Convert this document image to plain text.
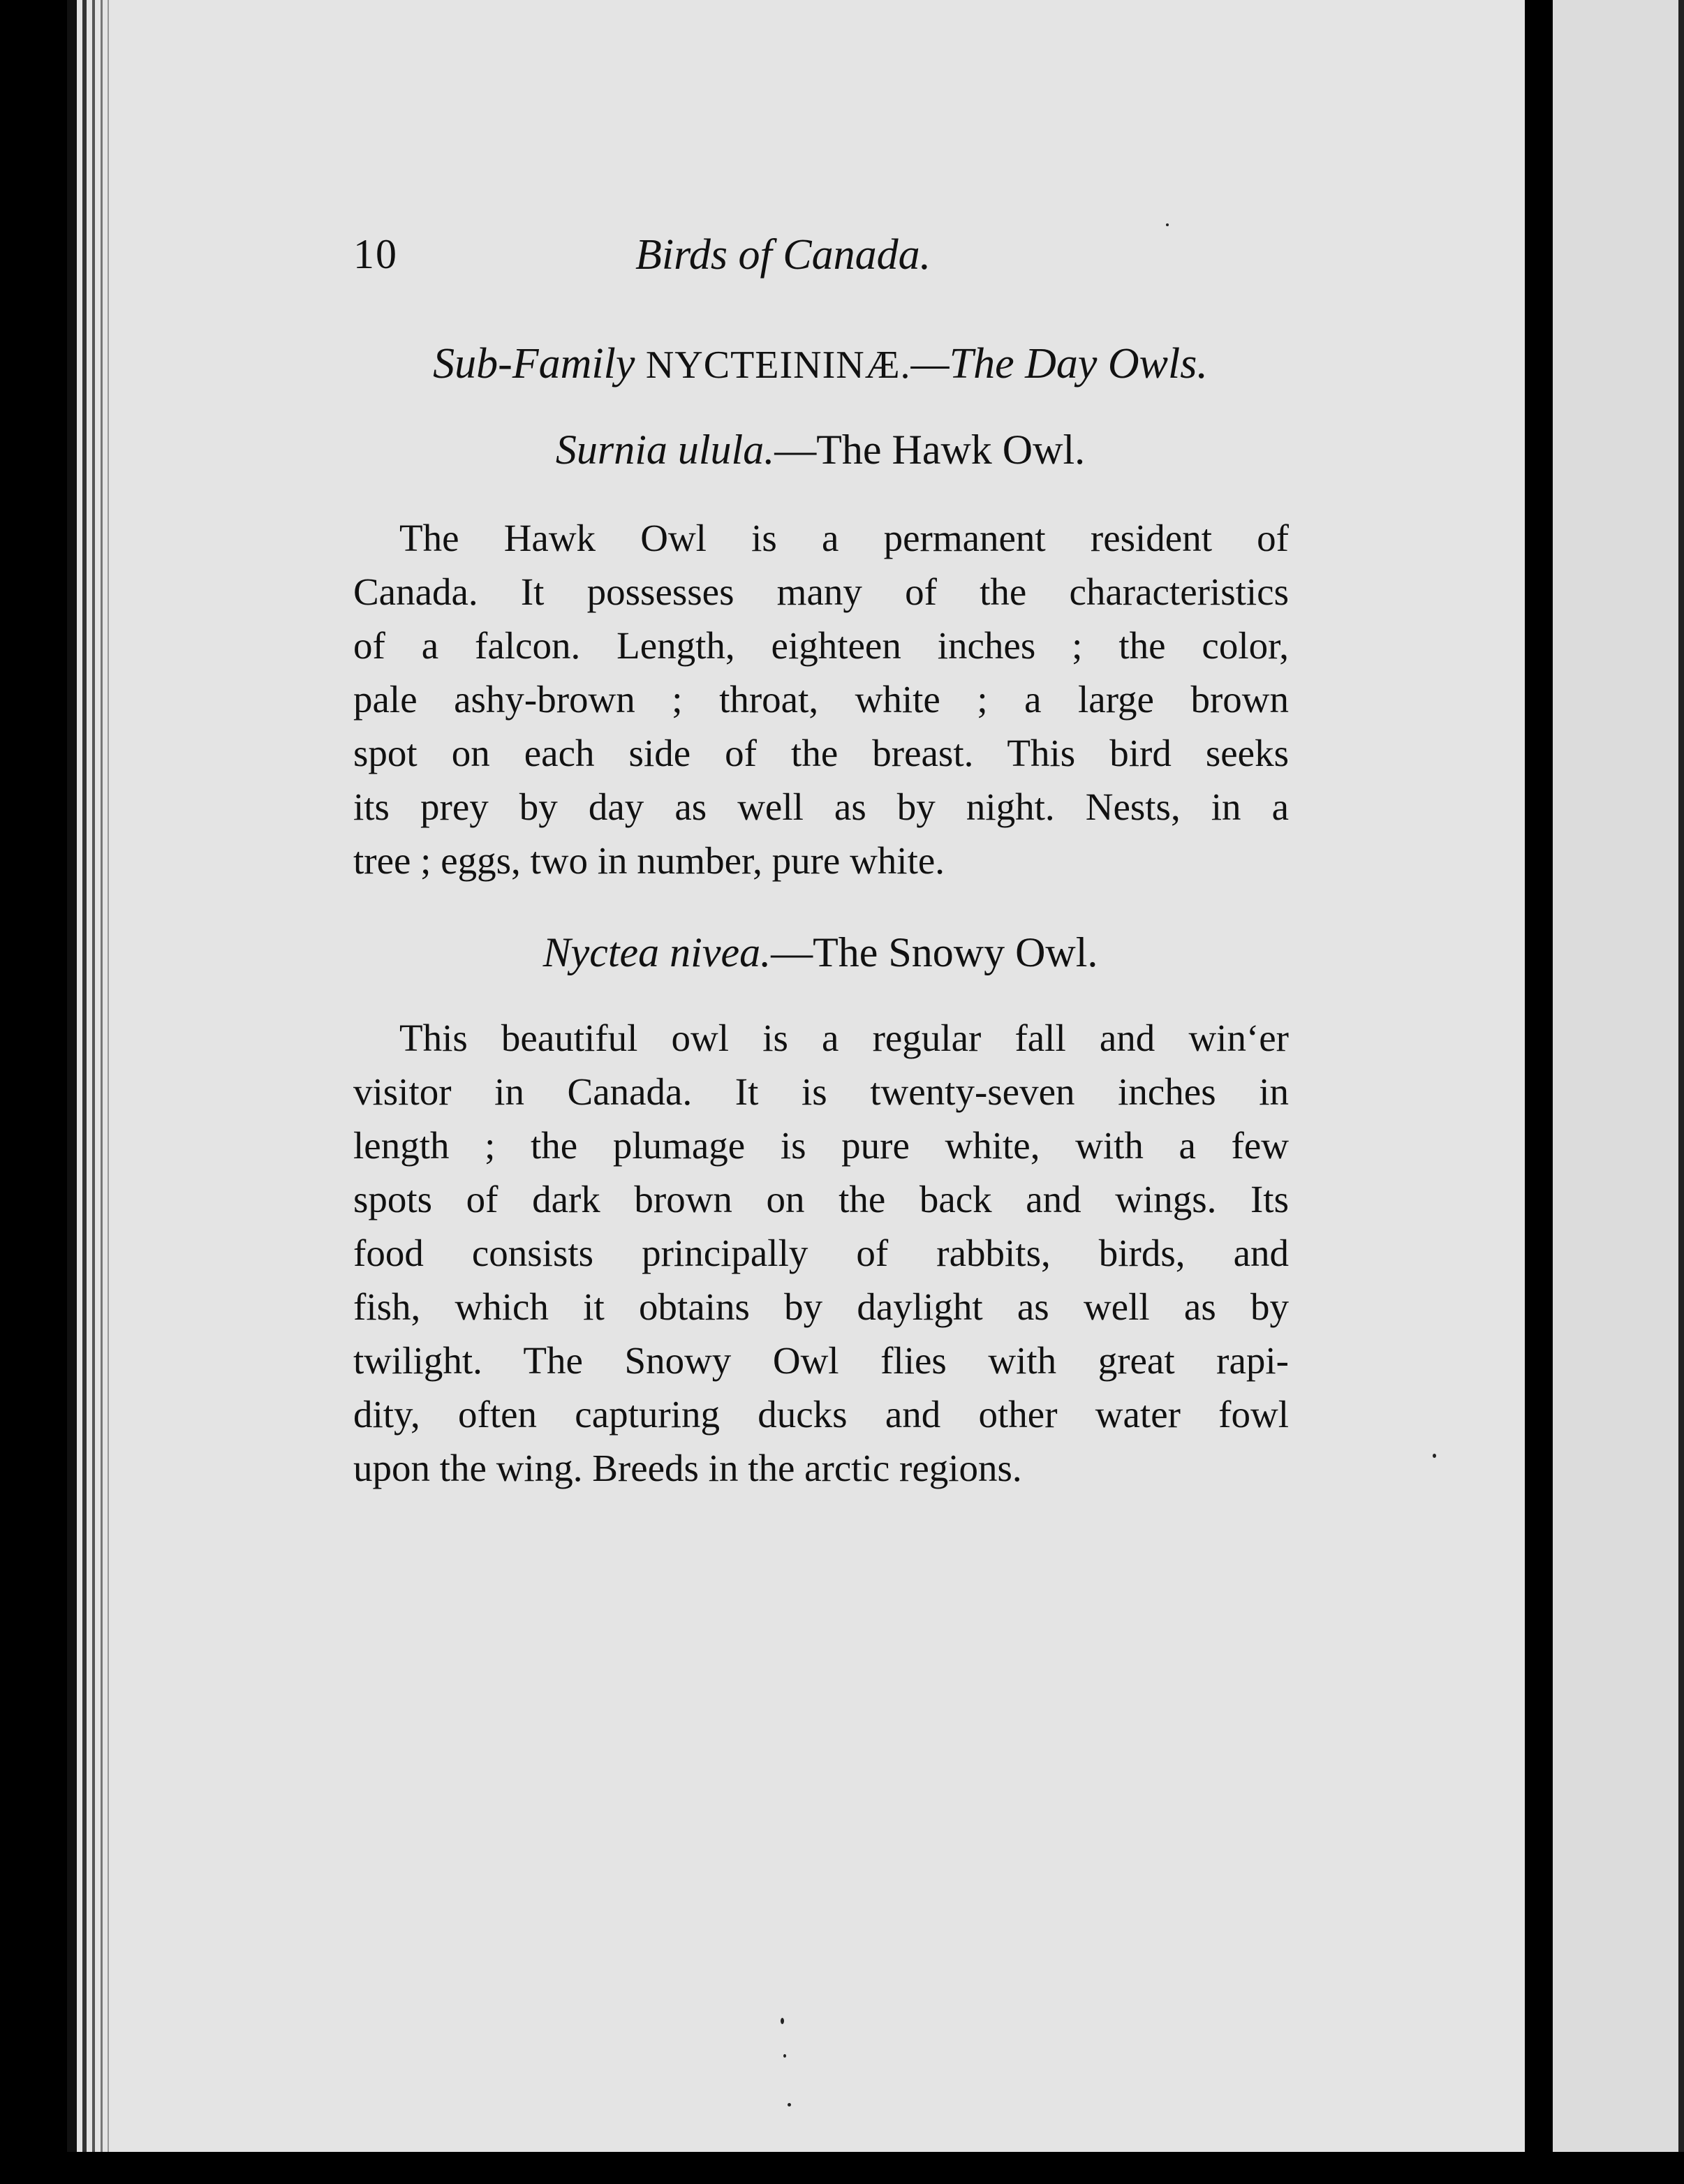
10	Birds of Canada.
Sub-Family NYCTEININÆ.—The Day Owls.
Surnia ulula.—The Hawk Owl.
The Hawk Owl is a permanent resident of
Canada. It possesses many of the characteristics
of a falcon. Length, eighteen inches ; the color,
pale ashy-brown ; throat, white ; a large brown
spot on each side of the breast. This bird seeks
its prey by day as well as by night. Nests, in a
tree ; eggs, two in number, pure white.
Nyctea nivea.—The Snowy Owl.
This beautiful owl is a regular fall and win‘er
visitor in Canada. It is twenty-seven inches in
length ; the plumage is pure white, with a few
spots of dark brown on the back and wings. Its
food consists principally of rabbits, birds, and
fish, which it obtains by daylight as well as by
twilight. The Snowy Owl flies with great rapi-
dity, often capturing ducks and other water fowl
upon the wing. Breeds in the arctic regions.
